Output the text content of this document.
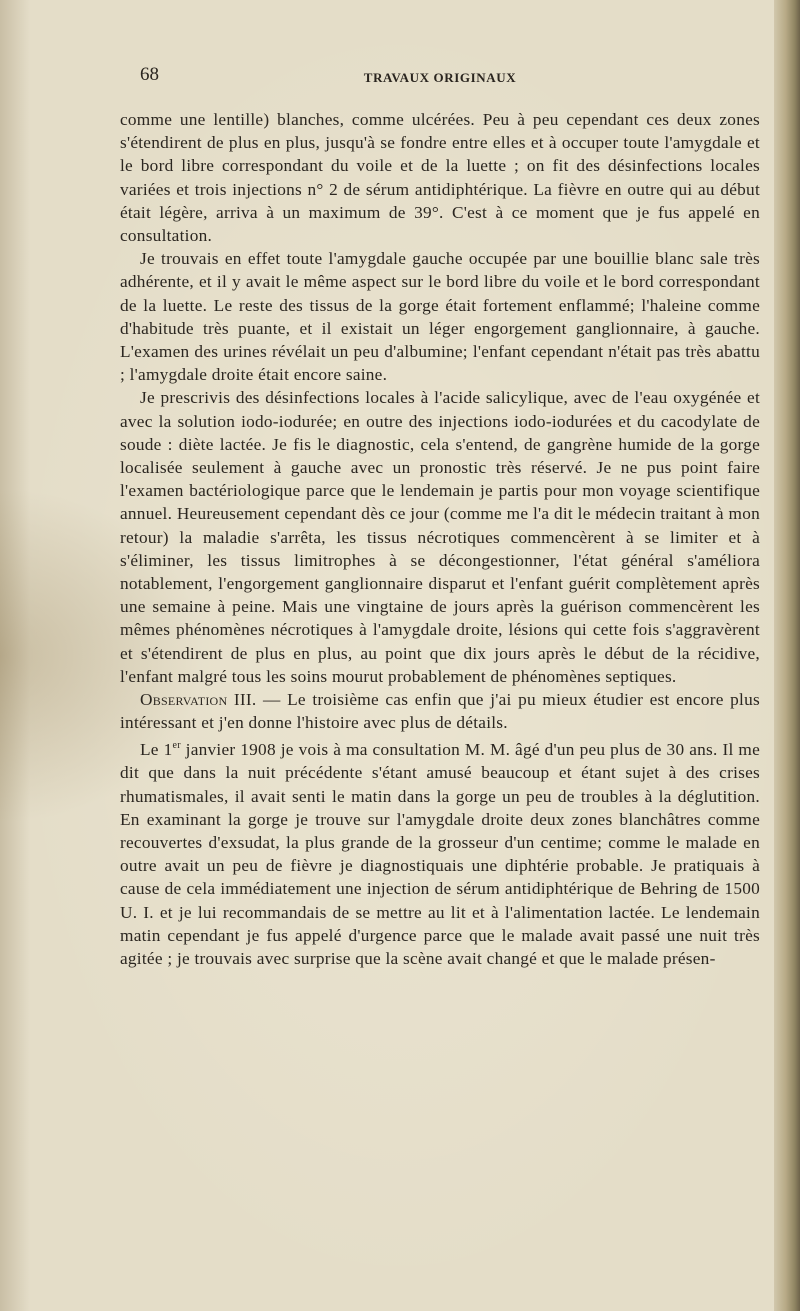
68	TRAVAUX ORIGINAUX

comme une lentille) blanches, comme ulcérées. Peu à peu cependant ces deux zones s'étendirent de plus en plus, jusqu'à se fondre entre elles et à occuper toute l'amygdale et le bord libre correspondant du voile et de la luette ; on fit des désinfections locales variées et trois injections n° 2 de sérum antidiphtérique. La fièvre en outre qui au début était légère, arriva à un maximum de 39°. C'est à ce moment que je fus appelé en consultation.

Je trouvais en effet toute l'amygdale gauche occupée par une bouillie blanc sale très adhérente, et il y avait le même aspect sur le bord libre du voile et le bord correspondant de la luette. Le reste des tissus de la gorge était fortement enflammé; l'haleine comme d'habitude très puante, et il existait un léger engorgement ganglionnaire, à gauche. L'examen des urines révélait un peu d'albumine; l'enfant cependant n'était pas très abattu ; l'amygdale droite était encore saine.

Je prescrivis des désinfections locales à l'acide salicylique, avec de l'eau oxygénée et avec la solution iodo-iodurée; en outre des injections iodo-iodurées et du cacodylate de soude : diète lactée. Je fis le diagnostic, cela s'entend, de gangrène humide de la gorge localisée seulement à gauche avec un pronostic très réservé. Je ne pus point faire l'examen bactériologique parce que le lendemain je partis pour mon voyage scientifique annuel. Heureusement cependant dès ce jour (comme me l'a dit le médecin traitant à mon retour) la maladie s'arrêta, les tissus nécrotiques commencèrent à se limiter et à s'éliminer, les tissus limitrophes à se décongestionner, l'état général s'améliora notablement, l'engorgement ganglionnaire disparut et l'enfant guérit complètement après une semaine à peine. Mais une vingtaine de jours après la guérison commencèrent les mêmes phénomènes nécrotiques à l'amygdale droite, lésions qui cette fois s'aggravèrent et s'étendirent de plus en plus, au point que dix jours après le début de la récidive, l'enfant malgré tous les soins mourut probablement de phénomènes septiques.

Observation III. — Le troisième cas enfin que j'ai pu mieux étudier est encore plus intéressant et j'en donne l'histoire avec plus de détails.

Le 1er janvier 1908 je vois à ma consultation M. M. âgé d'un peu plus de 30 ans. Il me dit que dans la nuit précédente s'étant amusé beaucoup et étant sujet à des crises rhumatismales, il avait senti le matin dans la gorge un peu de troubles à la déglutition. En examinant la gorge je trouve sur l'amygdale droite deux zones blanchâtres comme recouvertes d'exsudat, la plus grande de la grosseur d'un centime; comme le malade en outre avait un peu de fièvre je diagnostiquais une diphtérie probable. Je pratiquais à cause de cela immédiatement une injection de sérum antidiphtérique de Behring de 1500 U. I. et je lui recommandais de se mettre au lit et à l'alimentation lactée. Le lendemain matin cependant je fus appelé d'urgence parce que le malade avait passé une nuit très agitée ; je trouvais avec surprise que la scène avait changé et que le malade présen-
